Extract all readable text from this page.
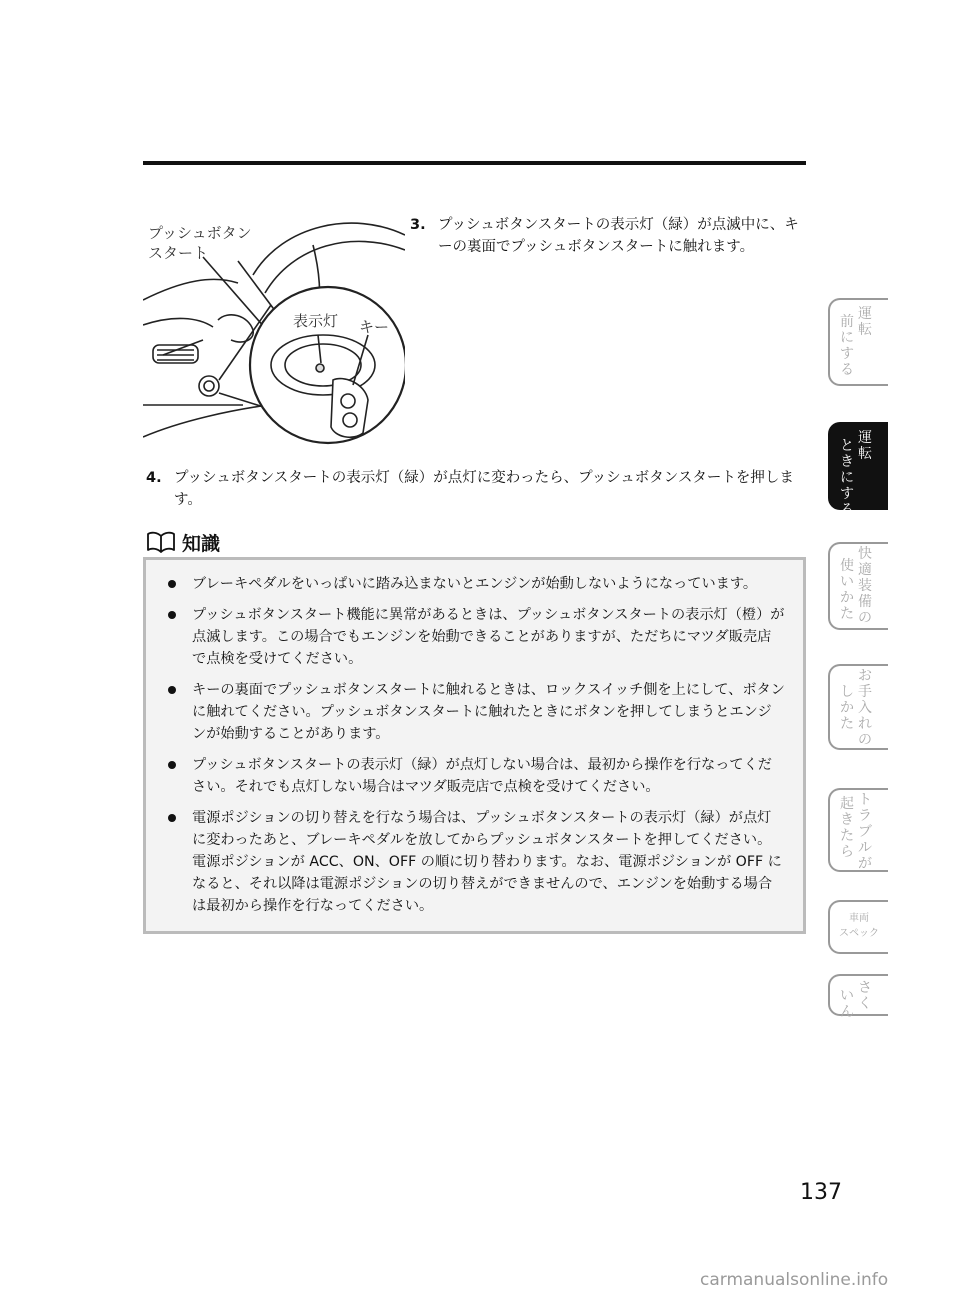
プッシュボタン
スタート
表示灯 キー
3. プッシュボタンスタートの表示灯（緑）が点滅中に、キーの裏面でプッシュボタンスタートに触れます。
4. プッシュボタンスタートの表示灯（緑）が点灯に変わったら、プッシュボタンスタートを押します。
知識
ブレーキペダルをいっぱいに踏み込まないとエンジンが始動しないようになっています。
プッシュボタンスタート機能に異常があるときは、プッシュボタンスタートの表示灯（橙）が点滅します。この場合でもエンジンを始動できることがありますが、ただちにマツダ販売店で点検を受けてください。
キーの裏面でプッシュボタンスタートに触れるときは、ロックスイッチ側を上にして、ボタンに触れてください。プッシュボタンスタートに触れたときにボタンを押してしまうとエンジンが始動することがあります。
プッシュボタンスタートの表示灯（緑）が点灯しない場合は、最初から操作を行なってください。それでも点灯しない場合はマツダ販売店で点検を受けてください。
電源ポジションの切り替えを行なう場合は、プッシュボタンスタートの表示灯（緑）が点灯に変わったあと、ブレーキペダルを放してからプッシュボタンスタートを押してください。電源ポジションが ACC、ON、OFF の順に切り替わります。なお、電源ポジションが OFF になると、それ以降は電源ポジションの切り替えができませんので、エンジンを始動する場合は最初から操作を行なってください。
前にする
運転
ときにする
運転
使いかた
快適装備の
しかた
お手入れの
起きたら
トラブルが
車両
スペック
いん
さく
137
carmanualsonline.info
